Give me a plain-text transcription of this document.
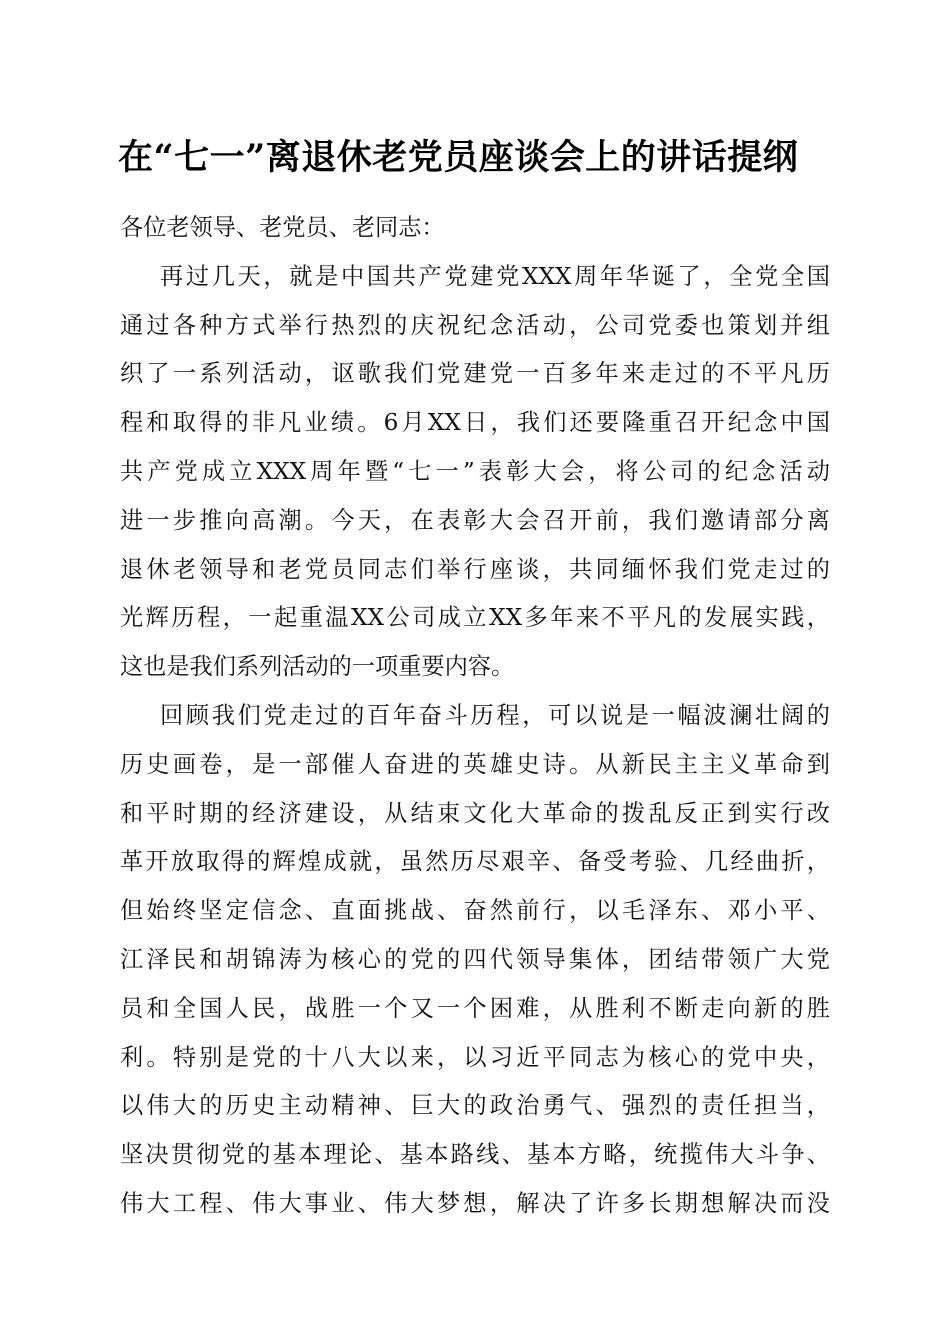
在“七一”离退休老党员座谈会上的讲话提纲
各位老领导、老党员、老同志：
再过几天，就是中国共产党建党XXX周年华诞了，全党全国
通过各种方式举行热烈的庆祝纪念活动，公司党委也策划并组
织了一系列活动，讴歌我们党建党一百多年来走过的不平凡历
程和取得的非凡业绩。6月XX日，我们还要隆重召开纪念中国
共产党成立XXX周年暨“七一”表彰大会，将公司的纪念活动
进一步推向高潮。今天，在表彰大会召开前，我们邀请部分离
退休老领导和老党员同志们举行座谈，共同缅怀我们党走过的
光辉历程，一起重温XX公司成立XX多年来不平凡的发展实践，
这也是我们系列活动的一项重要内容。
回顾我们党走过的百年奋斗历程，可以说是一幅波澜壮阔的
历史画卷，是一部催人奋进的英雄史诗。从新民主主义革命到
和平时期的经济建设，从结束文化大革命的拨乱反正到实行改
革开放取得的辉煌成就，虽然历尽艰辛、备受考验、几经曲折，
但始终坚定信念、直面挑战、奋然前行，以毛泽东、邓小平、
江泽民和胡锦涛为核心的党的四代领导集体，团结带领广大党
员和全国人民，战胜一个又一个困难，从胜利不断走向新的胜
利。特别是党的十八大以来，以习近平同志为核心的党中央，
以伟大的历史主动精神、巨大的政治勇气、强烈的责任担当，
坚决贯彻党的基本理论、基本路线、基本方略，统揽伟大斗争、
伟大工程、伟大事业、伟大梦想，解决了许多长期想解决而没
